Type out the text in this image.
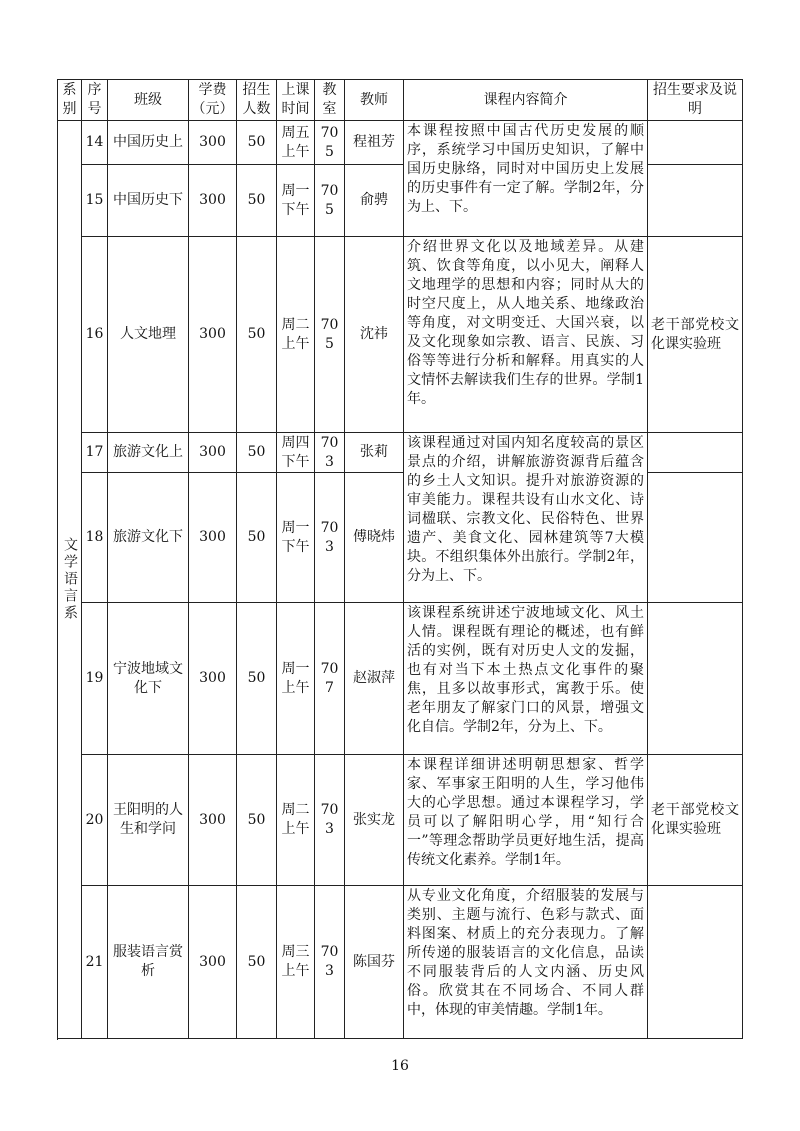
系别	序号	班级	学费（元）	招生人数	上课时间	教室	教师	课程内容简介	招生要求及说明
文学语言系	14	中国历史上	300	50	周五上午	705	程祖芳	本课程按照中国古代历史发展的顺序，系统学习中国历史知识，了解中国历史脉络，同时对中国历史上发展的历史事件有一定了解。学制2年，分为上、下。	
	15	中国历史下	300	50	周一下午	705	俞骋		
	16	人文地理	300	50	周二上午	705	沈祎	介绍世界文化以及地域差异。从建筑、饮食等角度，以小见大，阐释人文地理学的思想和内容；同时从大的时空尺度上，从人地关系、地缘政治等角度，对文明变迁、大国兴衰，以及文化现象如宗教、语言、民族、习俗等等进行分析和解释。用真实的人文情怀去解读我们生存的世界。学制1年。	老干部党校文化课实验班
	17	旅游文化上	300	50	周四下午	703	张莉	该课程通过对国内知名度较高的景区景点的介绍，讲解旅游资源背后蕴含的乡土人文知识。提升对旅游资源的审美能力。课程共设有山水文化、诗词楹联、宗教文化、民俗特色、世界遗产、美食文化、园林建筑等7大模块。不组织集体外出旅行。学制2年，分为上、下。	
	18	旅游文化下	300	50	周一下午	703	傅晓炜		
	19	宁波地域文化下	300	50	周一上午	707	赵淑萍	该课程系统讲述宁波地域文化、风土人情。课程既有理论的概述，也有鲜活的实例，既有对历史人文的发掘，也有对当下本土热点文化事件的聚焦，且多以故事形式，寓教于乐。使老年朋友了解家门口的风景，增强文化自信。学制2年，分为上、下。	
	20	王阳明的人生和学问	300	50	周二上午	703	张实龙	本课程详细讲述明朝思想家、哲学家、军事家王阳明的人生，学习他伟大的心学思想。通过本课程学习，学员可以了解阳明心学，用“知行合一”等理念帮助学员更好地生活，提高传统文化素养。学制1年。	老干部党校文化课实验班
	21	服装语言赏析	300	50	周三上午	703	陈国芬	从专业文化角度，介绍服装的发展与类别、主题与流行、色彩与款式、面料图案、材质上的充分表现力。了解所传递的服装语言的文化信息，品读不同服装背后的人文内涵、历史风俗。欣赏其在不同场合、不同人群中，体现的审美情趣。学制1年。	

16
